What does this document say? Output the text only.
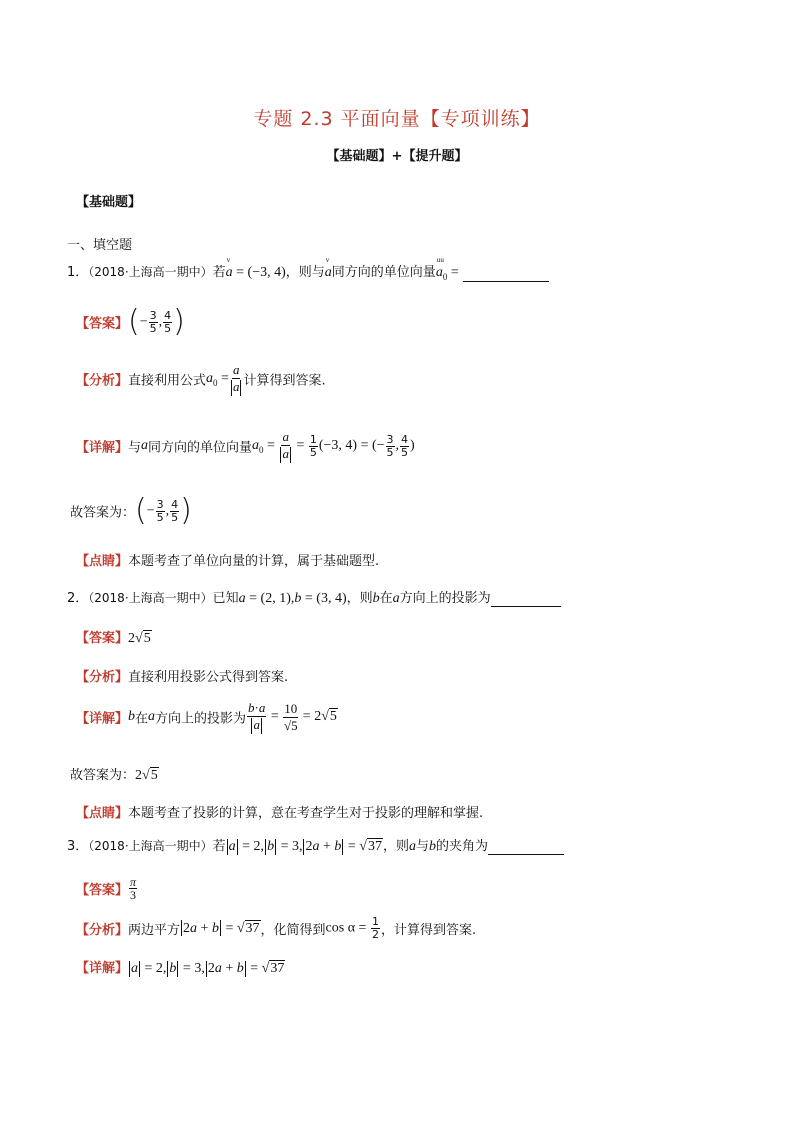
专题 2.3 平面向量【专项训练】
【基础题】+【提升题】
【基础题】
一、填空题
1．（2018·上海高一期中）若
v
a = (−3, 4)，则与
v
a同方向的单位向量
uu
$a_0$ =
【答案】(− $\frac{3}{5}$ , $\frac{4}{5}$ )
【分析】直接利用公式$a_0 = \frac{a}{a}$ 计算得到答案.
【详解】与a同方向的单位向量$a_0 = \frac{a}{a} = \frac{1}{5} (-3$, 4) = (− $\frac{3}{5}$ , $\frac{4}{5}$ )
故答案为：(− $\frac{3}{5}$ , $\frac{4}{5}$ )
【点睛】本题考查了单位向量的计算，属于基础题型.
2．（2018·上海高一期中）已知a = (2, 1),b = (3, 4)，则b在a方向上的投影为
【答案】2√5
【分析】直接利用投影公式得到答案.
【详解】b在a方向上的投影为 $\frac{b\cdot a}{a} = \frac{10}{√5} = 2√5$
故答案为：2√5
【点睛】本题考查了投影的计算，意在考查学生对于投影的理解和掌握.
3．（2018·上海高一期中）若 a = 2, b = 3, 2a + b = √37，则a与b的夹角为
【答案】 $\frac{\pi}{3}$
【分析】两边平方 2a + b = √37，化简得到$\cos \alpha = \frac{1}{2}$ ，计算得到答案.
【详解】 a = 2, b = 3, 2a + b = √37
